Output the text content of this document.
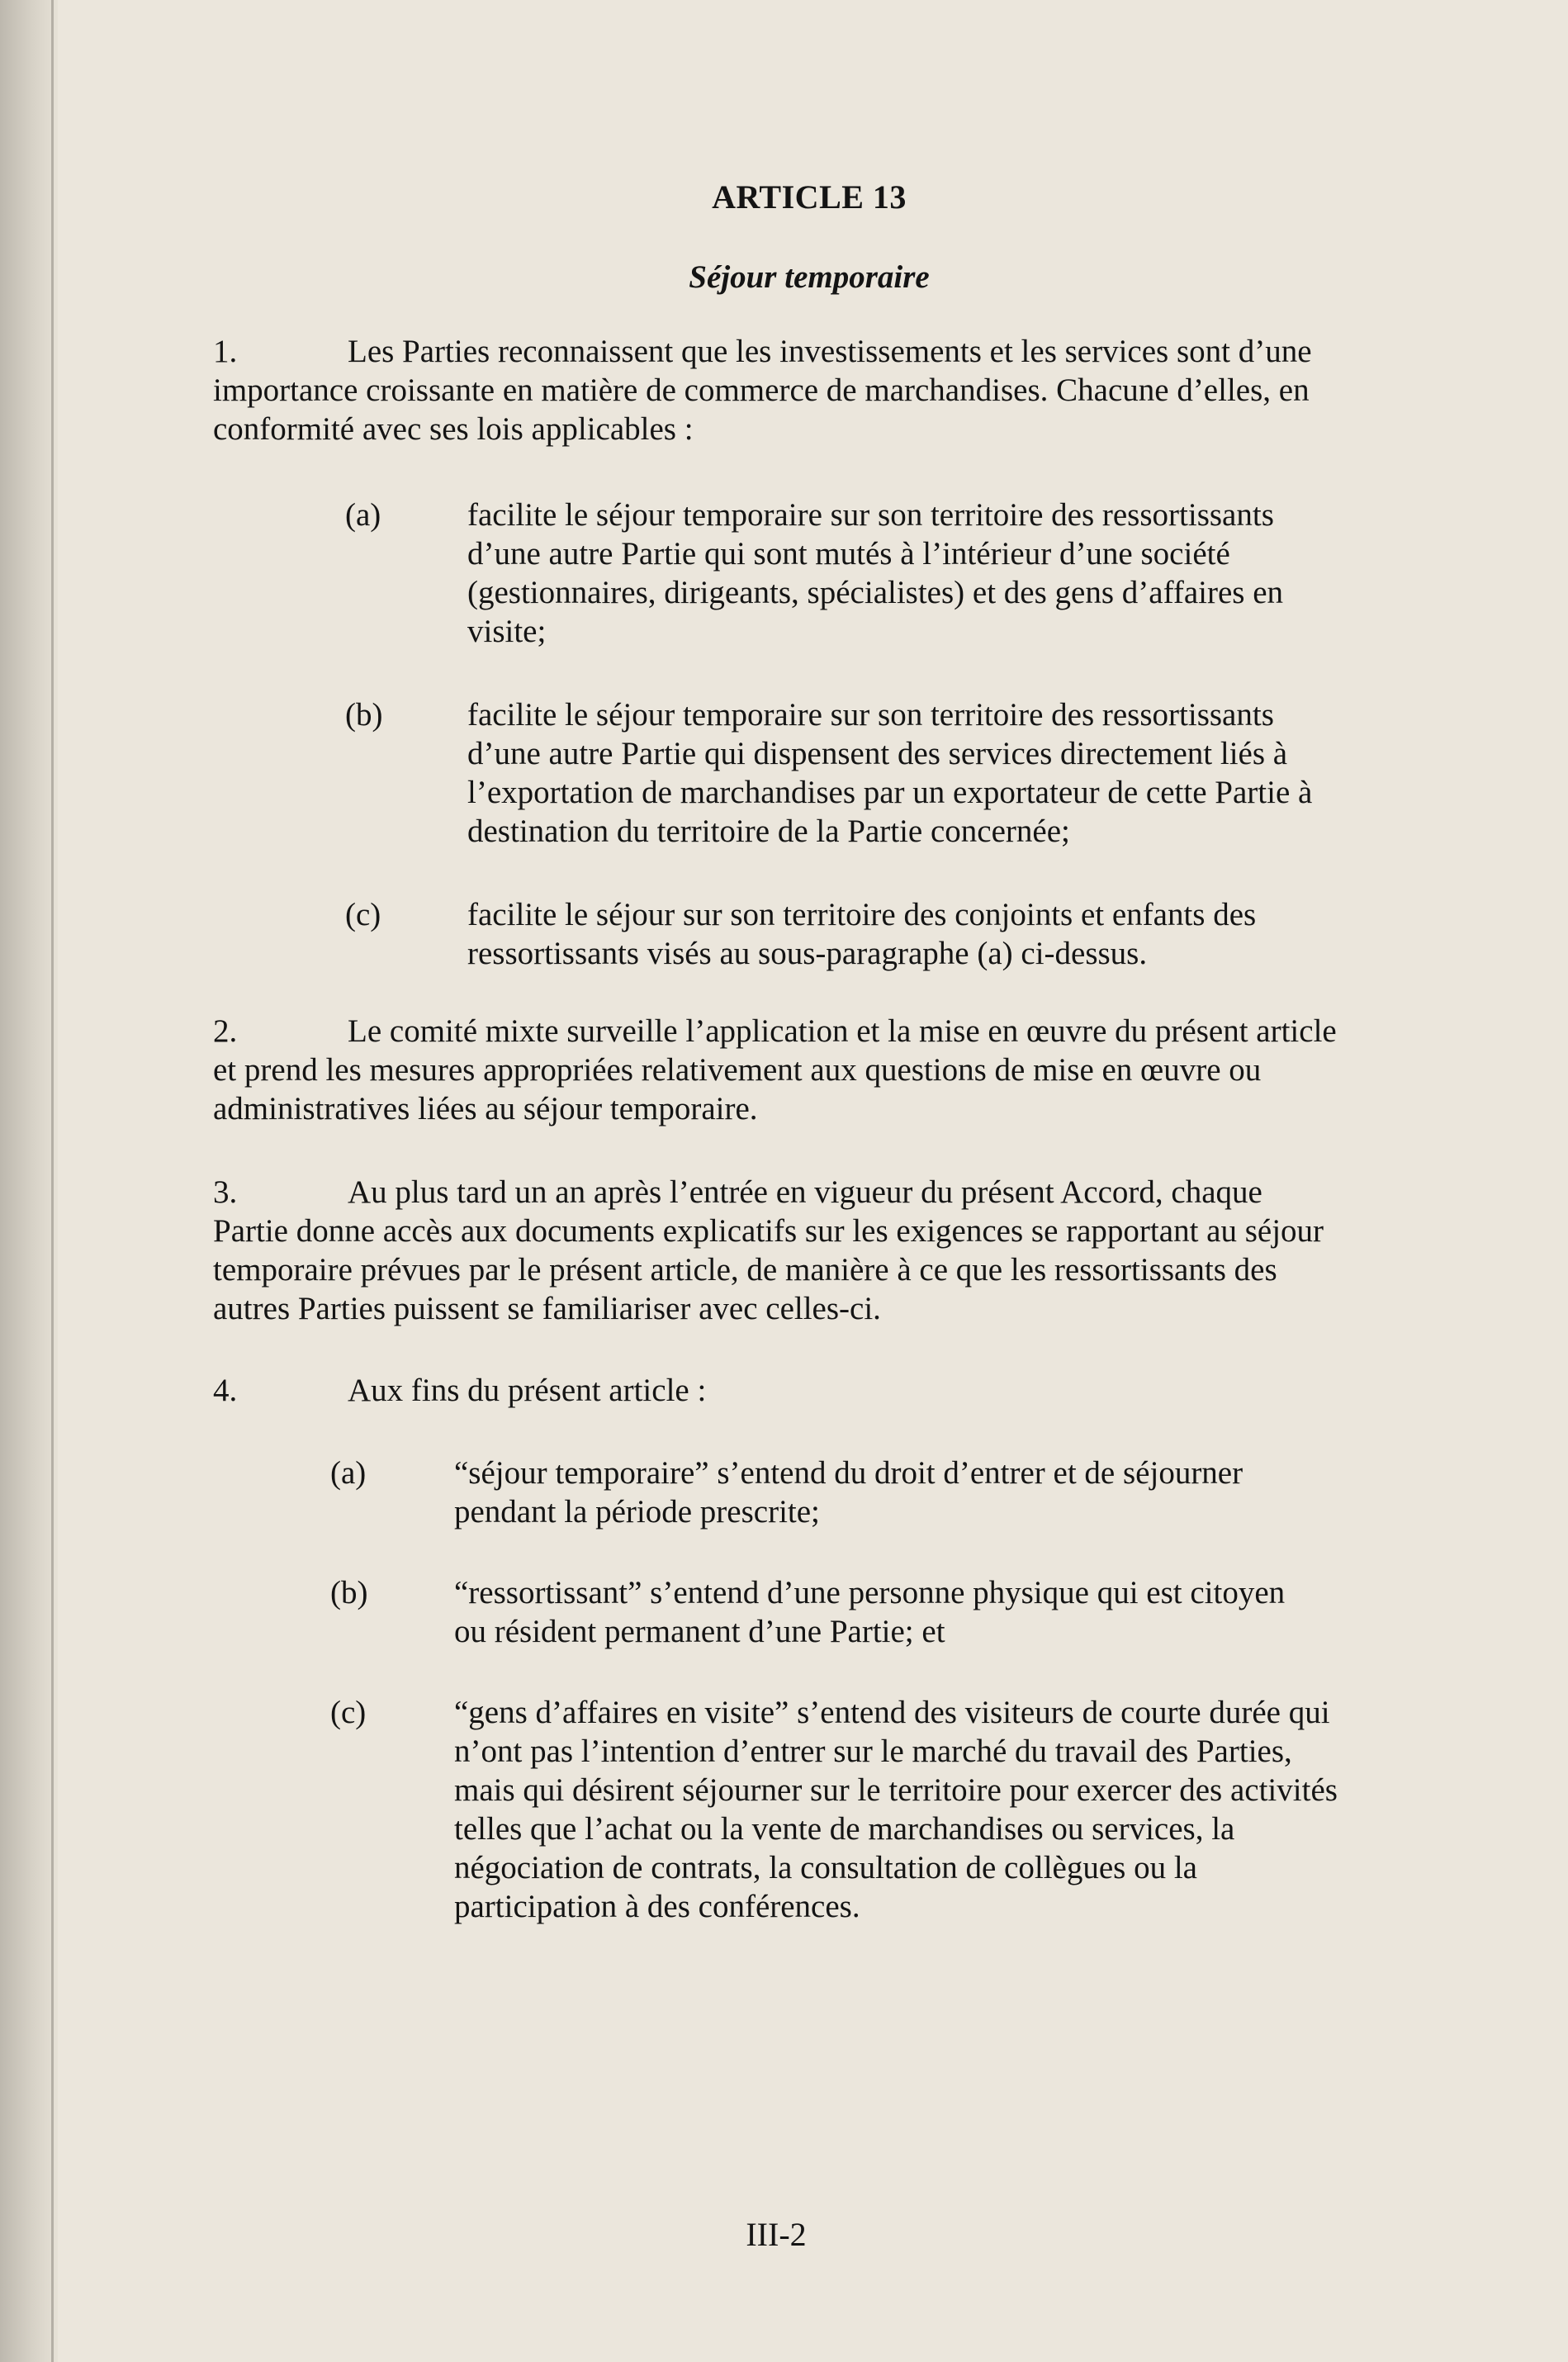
ARTICLE 13
Séjour temporaire
1.	Les Parties reconnaissent que les investissements et les services sont d’une importance croissante en matière de commerce de marchandises. Chacune d’elles, en conformité avec ses lois applicables :
(a)	facilite le séjour temporaire sur son territoire des ressortissants d’une autre Partie qui sont mutés à l’intérieur d’une société (gestionnaires, dirigeants, spécialistes) et des gens d’affaires en visite;
(b)	facilite le séjour temporaire sur son territoire des ressortissants d’une autre Partie qui dispensent des services directement liés à l’exportation de marchandises par un exportateur de cette Partie à destination du territoire de la Partie concernée;
(c)	facilite le séjour sur son territoire des conjoints et enfants des ressortissants visés au sous-paragraphe (a) ci-dessus.
2.	Le comité mixte surveille l’application et la mise en œuvre du présent article et prend les mesures appropriées relativement aux questions de mise en œuvre ou administratives liées au séjour temporaire.
3.	Au plus tard un an après l’entrée en vigueur du présent Accord, chaque Partie donne accès aux documents explicatifs sur les exigences se rapportant au séjour temporaire prévues par le présent article, de manière à ce que les ressortissants des autres Parties puissent se familiariser avec celles-ci.
4.	Aux fins du présent article :
(a)	“séjour temporaire” s’entend du droit d’entrer et de séjourner pendant la période prescrite;
(b)	“ressortissant” s’entend d’une personne physique qui est citoyen ou résident permanent d’une Partie; et
(c)	“gens d’affaires en visite” s’entend des visiteurs de courte durée qui n’ont pas l’intention d’entrer sur le marché du travail des Parties, mais qui désirent séjourner sur le territoire pour exercer des activités telles que l’achat ou la vente de marchandises ou services, la négociation de contrats, la consultation de collègues ou la participation à des conférences.
III-2
